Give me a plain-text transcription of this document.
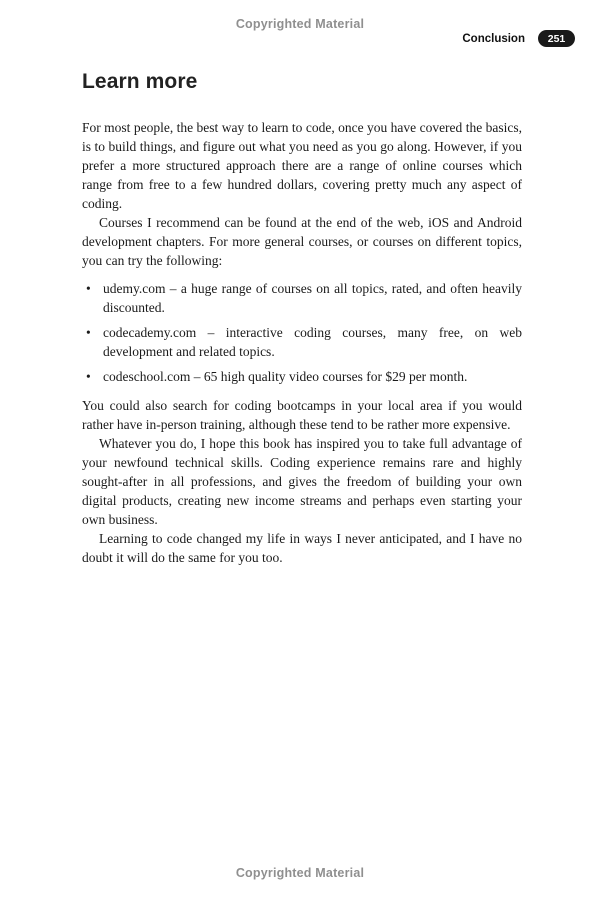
Copyrighted Material
Conclusion	251
Learn more

For most people, the best way to learn to code, once you have covered the basics, is to build things, and figure out what you need as you go along. However, if you prefer a more structured approach there are a range of online courses which range from free to a few hundred dollars, covering pretty much any aspect of coding.

Courses I recommend can be found at the end of the web, iOS and Android development chapters. For more general courses, or courses on different topics, you can try the following:

• udemy.com – a huge range of courses on all topics, rated, and often heavily discounted.
• codecademy.com – interactive coding courses, many free, on web development and related topics.
• codeschool.com – 65 high quality video courses for $29 per month.

You could also search for coding bootcamps in your local area if you would rather have in-person training, although these tend to be rather more expensive.

Whatever you do, I hope this book has inspired you to take full advantage of your newfound technical skills. Coding experience remains rare and highly sought-after in all professions, and gives the freedom of building your own digital products, creating new income streams and perhaps even starting your own business.

Learning to code changed my life in ways I never anticipated, and I have no doubt it will do the same for you too.

Copyrighted Material
